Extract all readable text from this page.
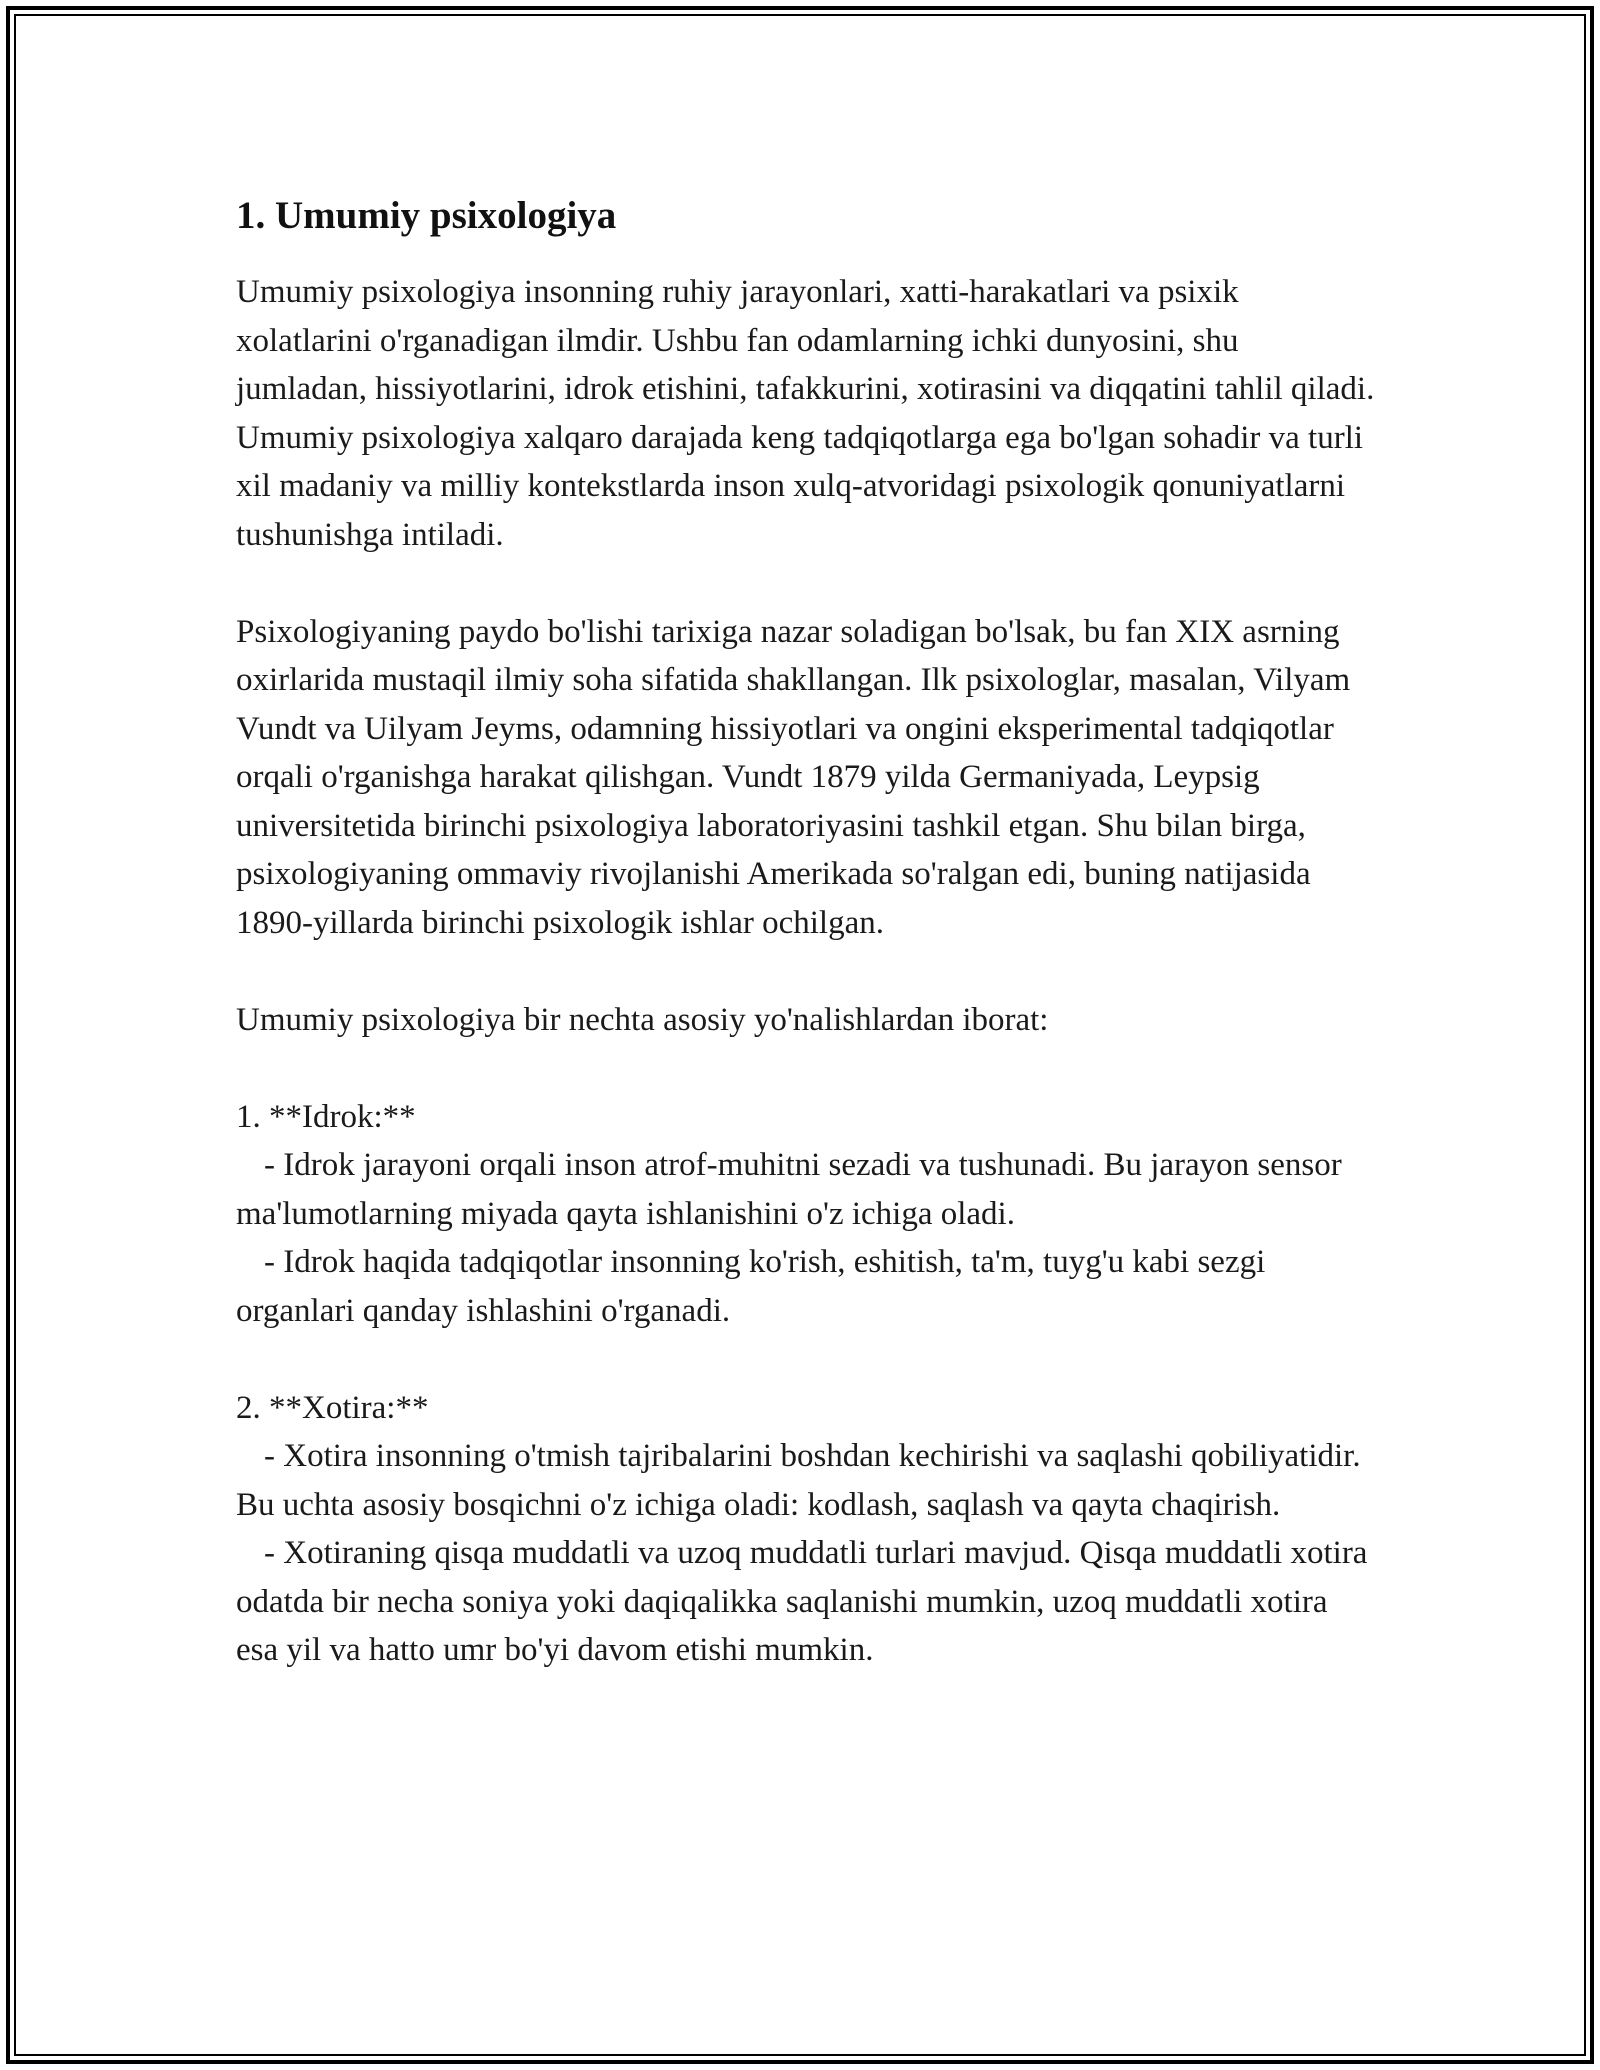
1. Umumiy psixologiya

Umumiy psixologiya insonning ruhiy jarayonlari, xatti-harakatlari va psixik xolatlarini o'rganadigan ilmdir. Ushbu fan odamlarning ichki dunyosini, shu jumladan, hissiyotlarini, idrok etishini, tafakkurini, xotirasini va diqqatini tahlil qiladi. Umumiy psixologiya xalqaro darajada keng tadqiqotlarga ega bo'lgan sohadir va turli xil madaniy va milliy kontekstlarda inson xulq-atvoridagi psixologik qonuniyatlarni tushunishga intiladi.

Psixologiyaning paydo bo'lishi tarixiga nazar soladigan bo'lsak, bu fan XIX asrning oxirlarida mustaqil ilmiy soha sifatida shakllangan. Ilk psixologlar, masalan, Vilyam Vundt va Uilyam Jeyms, odamning hissiyotlari va ongini eksperimental tadqiqotlar orqali o'rganishga harakat qilishgan. Vundt 1879 yilda Germaniyada, Leypsig universitetida birinchi psixologiya laboratoriyasini tashkil etgan. Shu bilan birga, psixologiyaning ommaviy rivojlanishi Amerikada so'ralgan edi, buning natijasida 1890-yillarda birinchi psixologik ishlar ochilgan.

Umumiy psixologiya bir nechta asosiy yo'nalishlardan iborat:

1. **Idrok:**

- Idrok jarayoni orqali inson atrof-muhitni sezadi va tushunadi. Bu jarayon sensor ma'lumotlarning miyada qayta ishlanishini o'z ichiga oladi.

- Idrok haqida tadqiqotlar insonning ko'rish, eshitish, ta'm, tuyg'u kabi sezgi organlari qanday ishlashini o'rganadi.

2. **Xotira:**

- Xotira insonning o'tmish tajribalarini boshdan kechirishi va saqlashi qobiliyatidir. Bu uchta asosiy bosqichni o'z ichiga oladi: kodlash, saqlash va qayta chaqirish.

- Xotiraning qisqa muddatli va uzoq muddatli turlari mavjud. Qisqa muddatli xotira odatda bir necha soniya yoki daqiqalikka saqlanishi mumkin, uzoq muddatli xotira esa yil va hatto umr bo'yi davom etishi mumkin.
